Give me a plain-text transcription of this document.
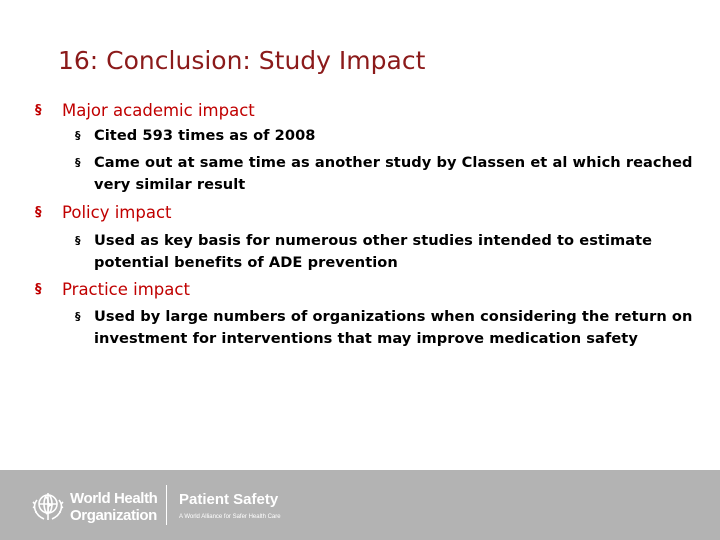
16: Conclusion: Study Impact

§ Major academic impact

§ Cited 593 times as of 2008

§ Came out at same time as another study by Classen et al which reached very similar result

§ Policy impact

§ Used as key basis for numerous other studies intended to estimate potential benefits of ADE prevention

§ Practice impact

§ Used by large numbers of organizations when considering the return on investment for interventions that may improve medication safety

World Health
Organization
Patient Safety
A World Alliance for Safer Health Care
